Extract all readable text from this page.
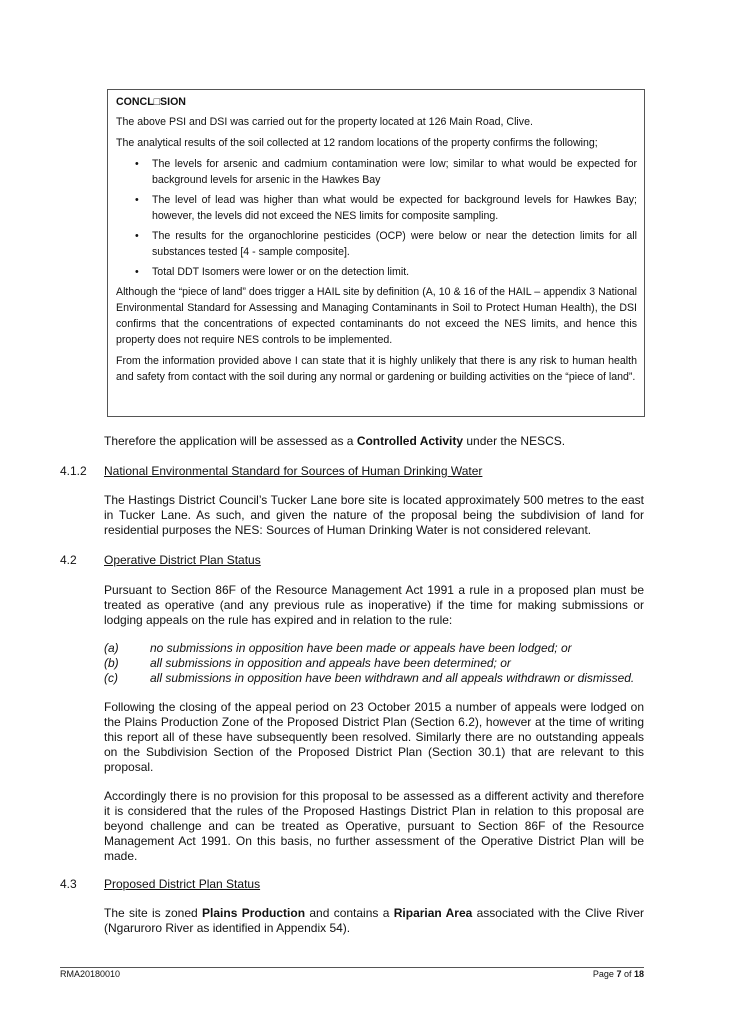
CONCL□SION

The above PSI and DSI was carried out for the property located at 126 Main Road, Clive.

The analytical results of the soil collected at 12 random locations of the property confirms the following;

• The levels for arsenic and cadmium contamination were low; similar to what would be expected for background levels for arsenic in the Hawkes Bay
• The level of lead was higher than what would be expected for background levels for Hawkes Bay; however, the levels did not exceed the NES limits for composite sampling.
• The results for the organochlorine pesticides (OCP) were below or near the detection limits for all substances tested [4 - sample composite].
• Total DDT Isomers were lower or on the detection limit.

Although the “piece of land” does trigger a HAIL site by definition (A, 10 & 16 of the HAIL – appendix 3 National Environmental Standard for Assessing and Managing Contaminants in Soil to Protect Human Health), the DSI confirms that the concentrations of expected contaminants do not exceed the NES limits, and hence this property does not require NES controls to be implemented.

From the information provided above I can state that it is highly unlikely that there is any risk to human health and safety from contact with the soil during any normal or gardening or building activities on the “piece of land”.

Therefore the application will be assessed as a Controlled Activity under the NESCS.

4.1.2 National Environmental Standard for Sources of Human Drinking Water

The Hastings District Council’s Tucker Lane bore site is located approximately 500 metres to the east in Tucker Lane. As such, and given the nature of the proposal being the subdivision of land for residential purposes the NES: Sources of Human Drinking Water is not considered relevant.

4.2 Operative District Plan Status

Pursuant to Section 86F of the Resource Management Act 1991 a rule in a proposed plan must be treated as operative (and any previous rule as inoperative) if the time for making submissions or lodging appeals on the rule has expired and in relation to the rule:

(a)	no submissions in opposition have been made or appeals have been lodged; or
(b)	all submissions in opposition and appeals have been determined; or
(c)	all submissions in opposition have been withdrawn and all appeals withdrawn or dismissed.

Following the closing of the appeal period on 23 October 2015 a number of appeals were lodged on the Plains Production Zone of the Proposed District Plan (Section 6.2), however at the time of writing this report all of these have subsequently been resolved. Similarly there are no outstanding appeals on the Subdivision Section of the Proposed District Plan (Section 30.1) that are relevant to this proposal.

Accordingly there is no provision for this proposal to be assessed as a different activity and therefore it is considered that the rules of the Proposed Hastings District Plan in relation to this proposal are beyond challenge and can be treated as Operative, pursuant to Section 86F of the Resource Management Act 1991. On this basis, no further assessment of the Operative District Plan will be made.

4.3 Proposed District Plan Status

The site is zoned Plains Production and contains a Riparian Area associated with the Clive River (Ngaruroro River as identified in Appendix 54).

RMA20180010	Page 7 of 18
